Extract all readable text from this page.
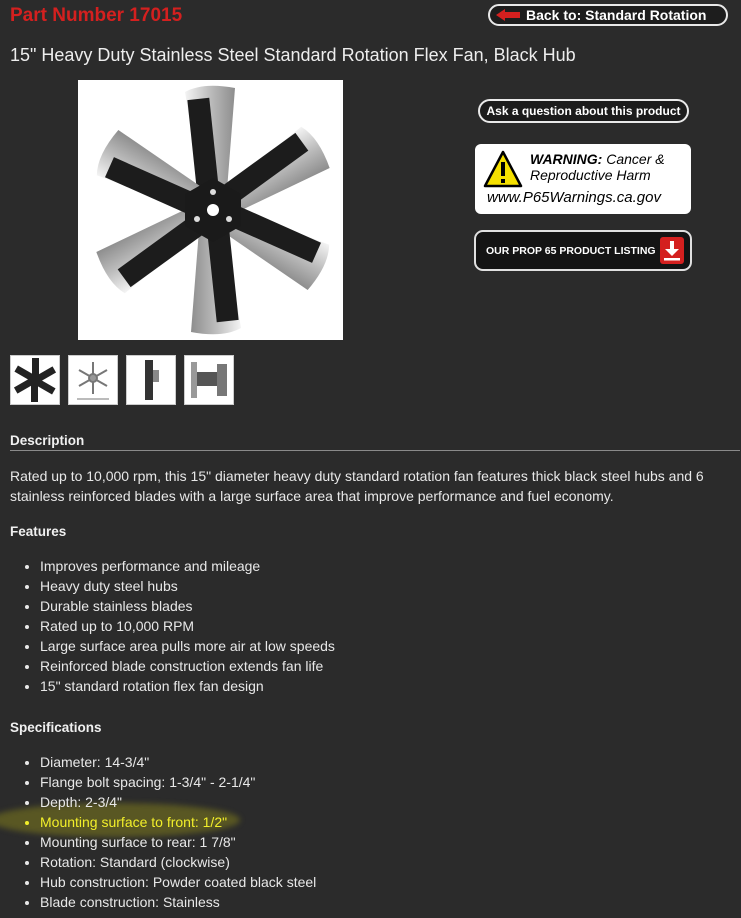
Part Number 17015	Back to: Standard Rotation
15" Heavy Duty Stainless Steel Standard Rotation Flex Fan, Black Hub
Ask a question about this product
WARNING: Cancer &
Reproductive Harm
www.P65Warnings.ca.gov
OUR PROP 65 PRODUCT LISTING
Description
Rated up to 10,000 rpm, this 15" diameter heavy duty standard rotation fan features thick black steel hubs and 6 stainless reinforced blades with a large surface area that improve performance and fuel economy.
Features
• Improves performance and mileage
• Heavy duty steel hubs
• Durable stainless blades
• Rated up to 10,000 RPM
• Large surface area pulls more air at low speeds
• Reinforced blade construction extends fan life
• 15" standard rotation flex fan design
Specifications
• Diameter: 14-3/4"
• Flange bolt spacing: 1-3/4" - 2-1/4"
• Depth: 2-3/4"
• Mounting surface to front: 1/2"
• Mounting surface to rear: 1 7/8"
• Rotation: Standard (clockwise)
• Hub construction: Powder coated black steel
• Blade construction: Stainless
